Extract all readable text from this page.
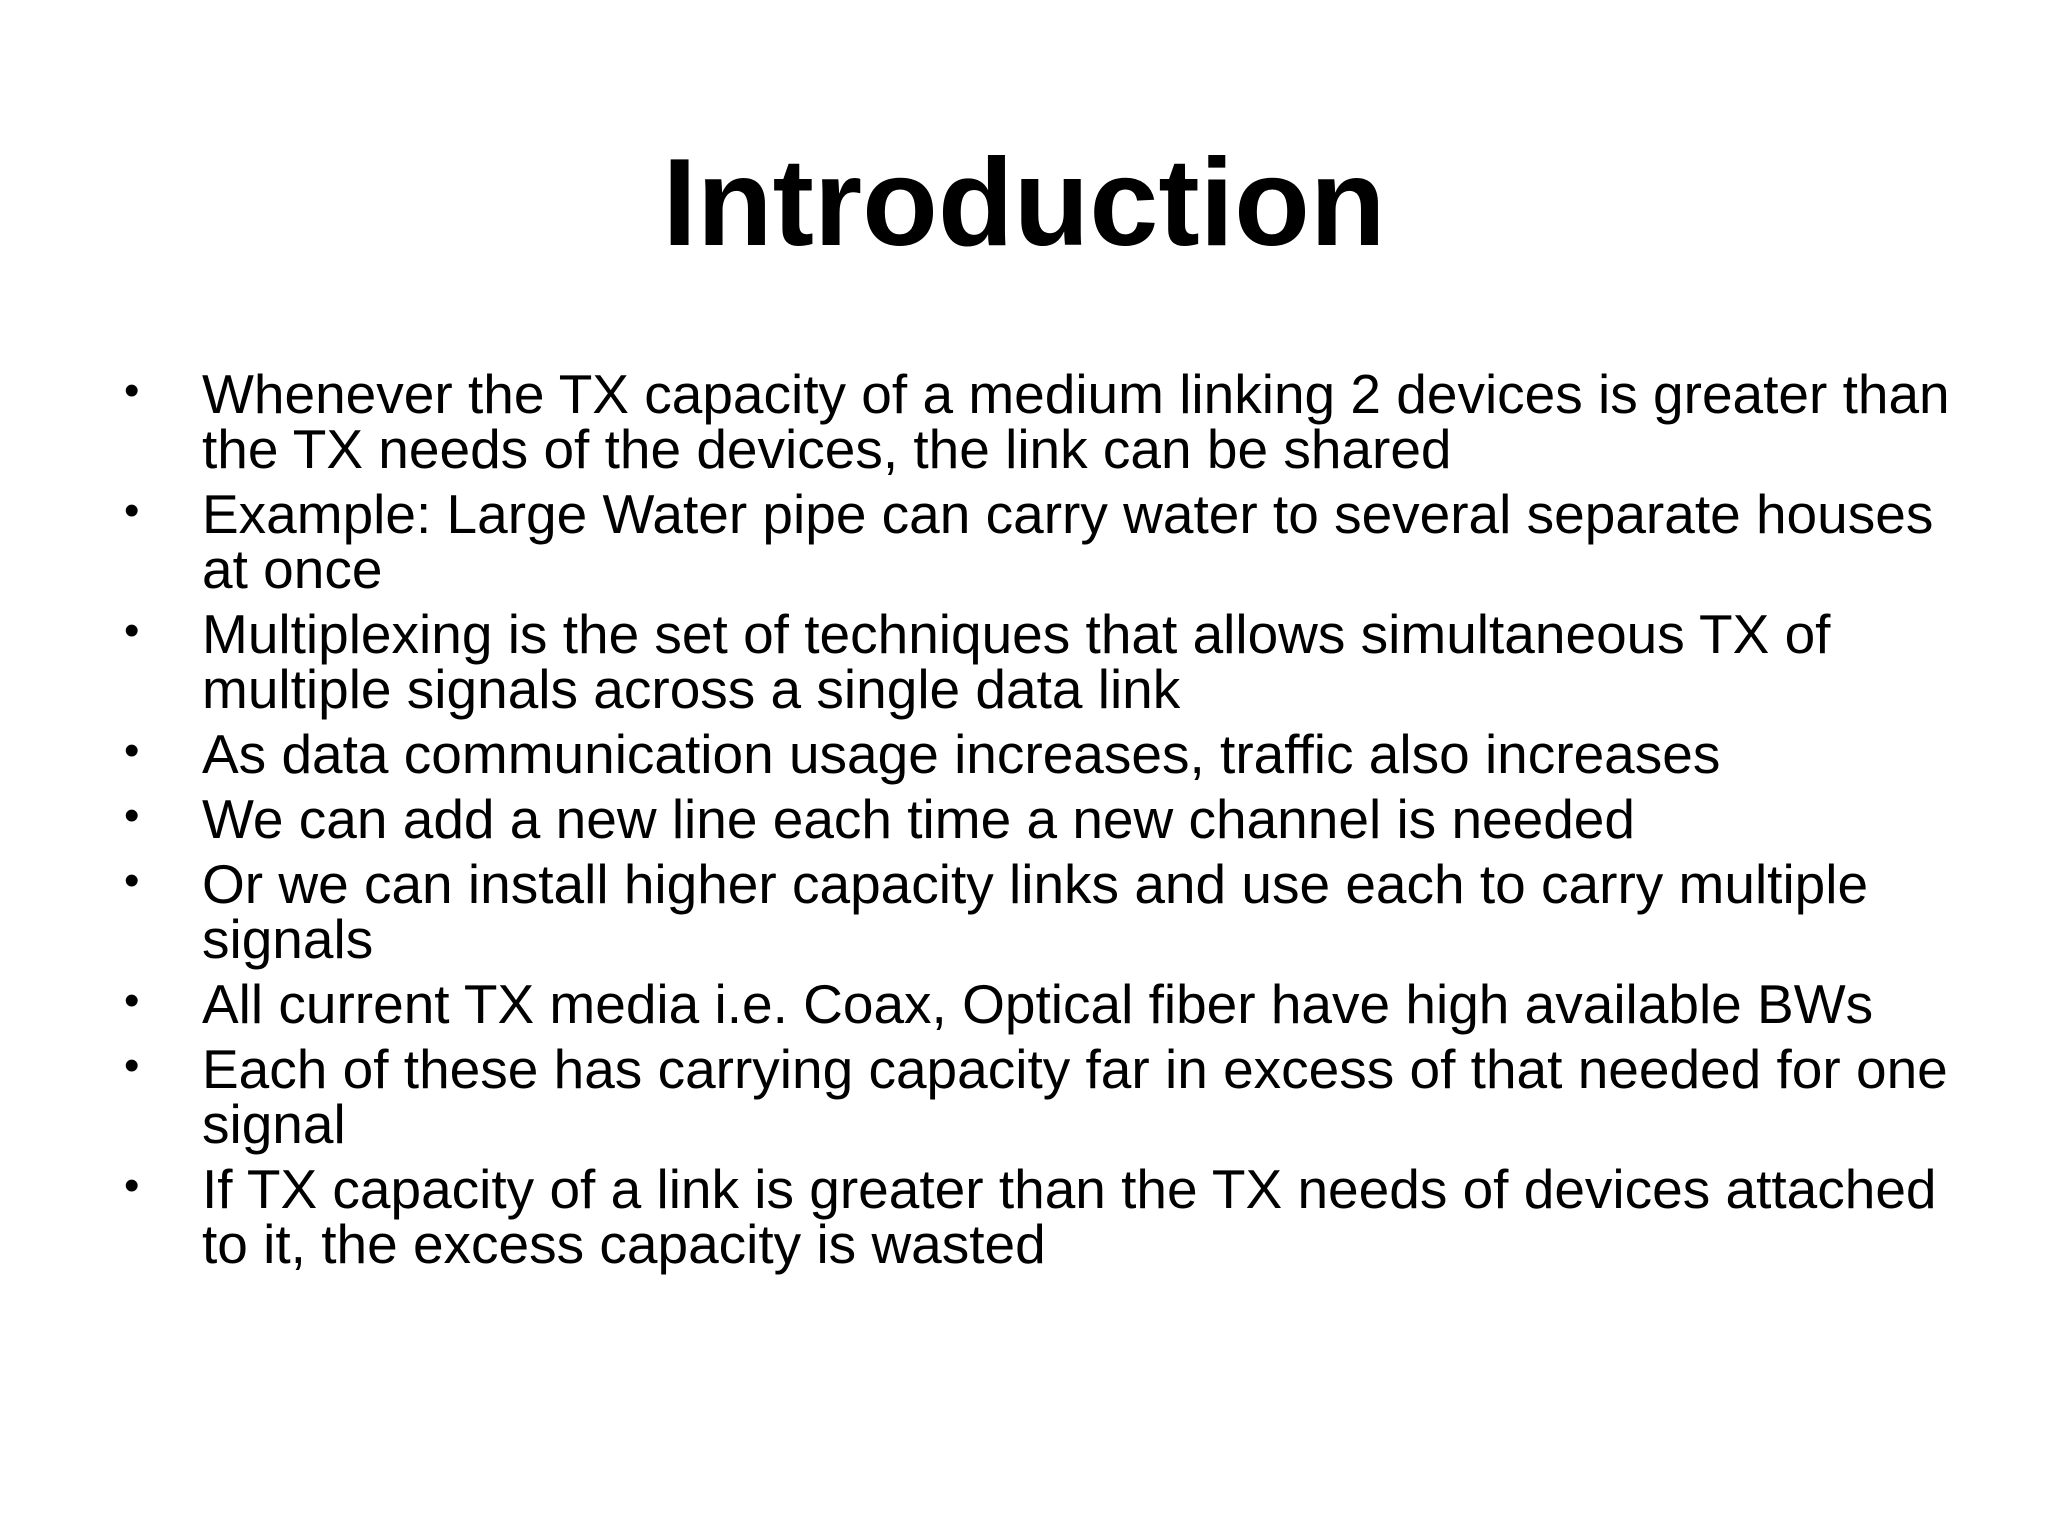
Introduction
• Whenever the TX capacity of a medium linking 2 devices is greater than the TX needs of the devices, the link can be shared
• Example: Large Water pipe can carry water to several separate houses at once
• Multiplexing is the set of techniques that allows simultaneous TX of multiple signals across a single data link
• As data communication usage increases, traffic also increases
• We can add a new line each time a new channel is needed
• Or we can install higher capacity links and use each to carry multiple signals
• All current TX media i.e. Coax, Optical fiber have high available BWs
• Each of these has carrying capacity far in excess of that needed for one signal
• If TX capacity of a link is greater than the TX needs of devices attached to it, the excess capacity is wasted
